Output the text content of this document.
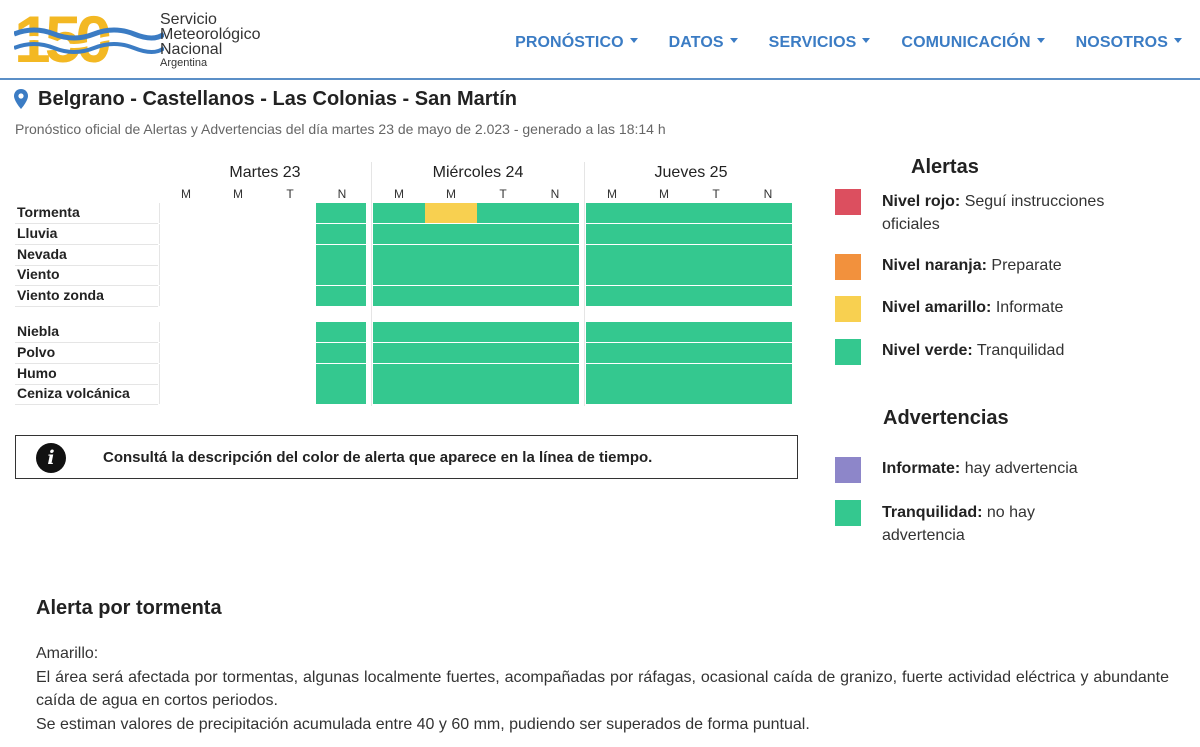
150	Servicio
Meteorológico
Nacional
Argentina
PRONÓSTICO	DATOS	SERVICIOS	COMUNICACIÓN	NOSOTROS
Belgrano - Castellanos - Las Colonias - San Martín
Pronóstico oficial de Alertas y Advertencias del día martes 23 de mayo de 2.023 - generado a las 18:14 h
Martes 23
M	M	T	N
Miércoles 24
M	M	T	N
Jueves 25
M	M	T	N
Tormenta
Lluvia
Nevada
Viento
Viento zonda
Niebla
Polvo
Humo
Ceniza volcánica
i	Consultá la descripción del color de alerta que aparece en la línea de tiempo.
Alertas
Nivel rojo: Seguí instrucciones oficiales
Nivel naranja: Preparate
Nivel amarillo: Informate
Nivel verde: Tranquilidad
Advertencias
Informate: hay advertencia
Tranquilidad: no hay advertencia
Alerta por tormenta
Amarillo:
El área será afectada por tormentas, algunas localmente fuertes, acompañadas por ráfagas, ocasional caída de granizo, fuerte actividad eléctrica y abundante caída de agua en cortos periodos.
Se estiman valores de precipitación acumulada entre 40 y 60 mm, pudiendo ser superados de forma puntual.
